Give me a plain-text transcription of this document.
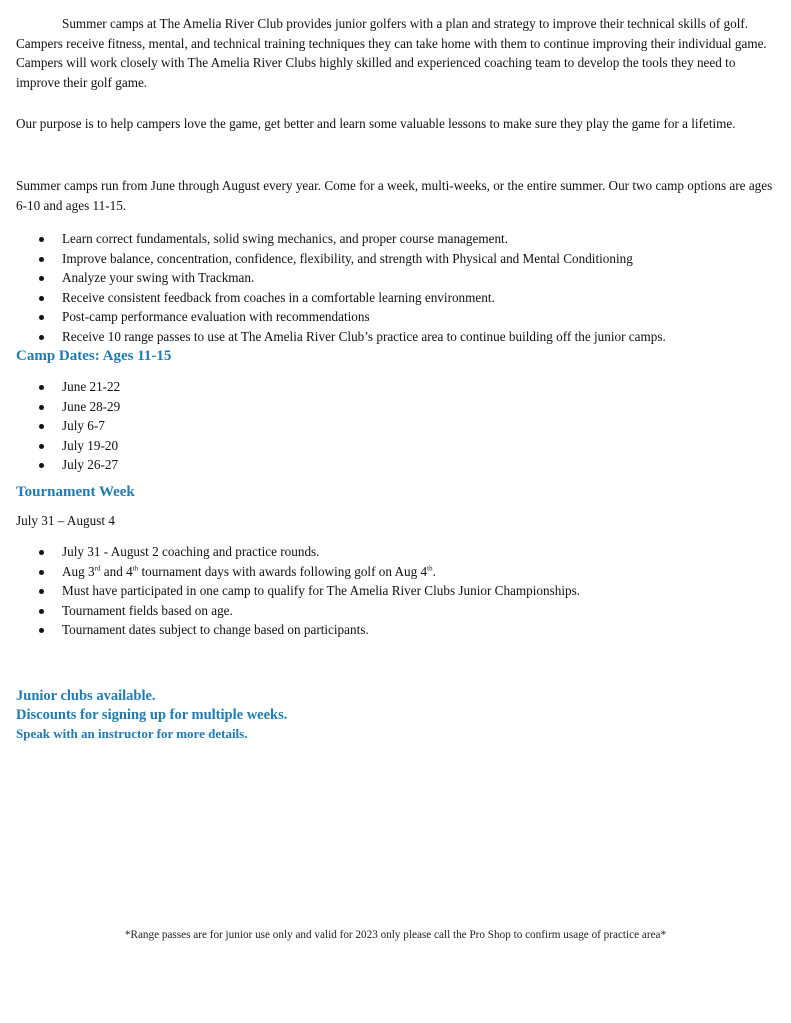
Summer camps at The Amelia River Club provides junior golfers with a plan and strategy to improve their technical skills of golf. Campers receive fitness, mental, and technical training techniques they can take home with them to continue improving their individual game. Campers will work closely with The Amelia River Clubs highly skilled and experienced coaching team to develop the tools they need to improve their golf game.

Our purpose is to help campers love the game, get better and learn some valuable lessons to make sure they play the game for a lifetime.

Summer camps run from June through August every year. Come for a week, multi-weeks, or the entire summer. Our two camp options are ages 6-10 and ages 11-15.

Learn correct fundamentals, solid swing mechanics, and proper course management.
Improve balance, concentration, confidence, flexibility, and strength with Physical and Mental Conditioning
Analyze your swing with Trackman.
Receive consistent feedback from coaches in a comfortable learning environment.
Post-camp performance evaluation with recommendations
Receive 10 range passes to use at The Amelia River Club’s practice area to continue building off the junior camps.
Camp Dates: Ages 11-15
June 21-22
June 28-29
July 6-7
July 19-20
July 26-27
Tournament Week

July 31 – August 4

July 31 - August 2 coaching and practice rounds.
Aug 3rd and 4th tournament days with awards following golf on Aug 4th.
Must have participated in one camp to qualify for The Amelia River Clubs Junior Championships.
Tournament fields based on age.
Tournament dates subject to change based on participants.
Junior clubs available.
Discounts for signing up for multiple weeks.
Speak with an instructor for more details.

*Range passes are for junior use only and valid for 2023 only please call the Pro Shop to confirm usage of practice area*
